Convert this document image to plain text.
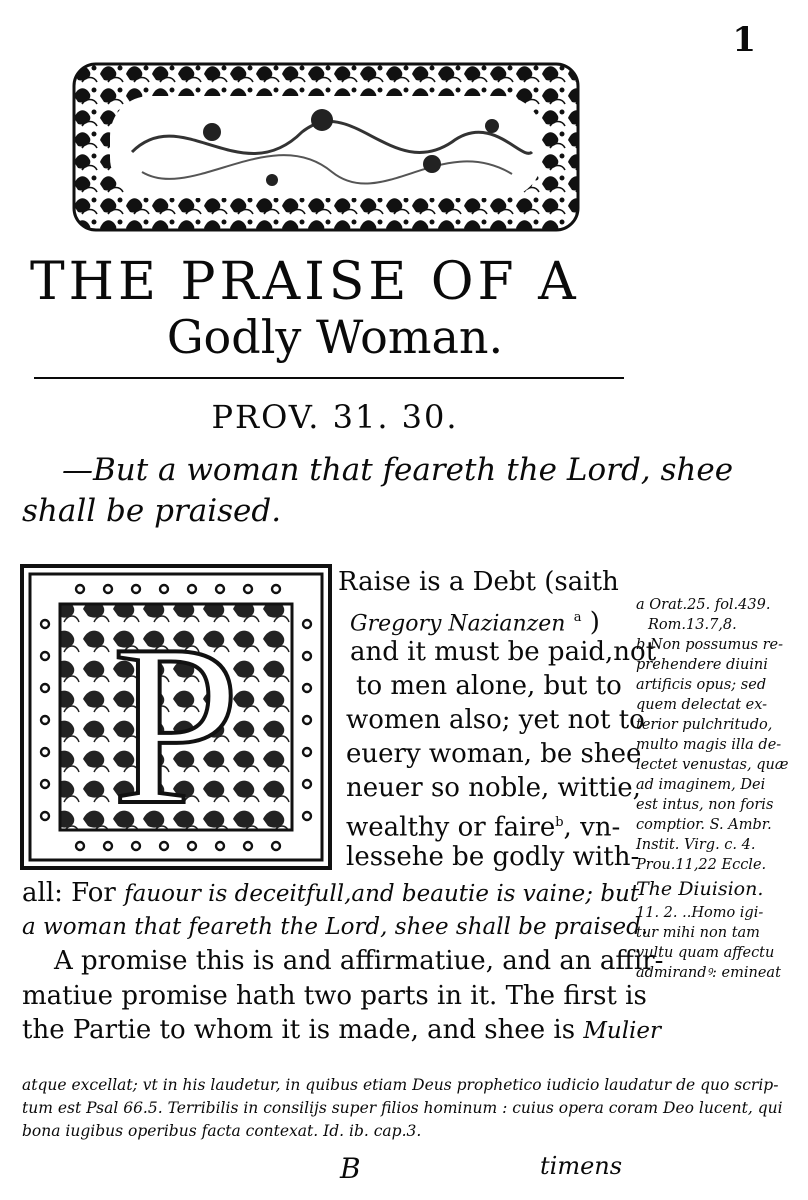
1
THE PRAISE OF A
Godly Woman.
PROV. 31. 30.
—But a woman that feareth the Lord, shee
shall be praised.
P
Raise is a Debt (saith
Gregory Nazianzen $^a$ )
and it must be paid,not
to men alone, but to
women also; yet not to
euery woman, be shee
neuer so noble, wittie,
wealthy or faire$^b$, vn-
lessehe be godly with-
all: For fauour is deceitfull,and beautie is vaine; but
a woman that feareth the Lord, shee shall be praised.
A promise this is and affirmatiue, and an affir-
matiue promise hath two parts in it. The first is
the Partie to whom it is made, and shee is Mulier
a Orat.25. fol.439.
Rom.13.7,8.
b Non possumus re-
prehendere diuini
artificis opus; sed
quem delectat ex-
terior pulchritudo,
multo magis illa de-
lectet venustas, quæ
ad imaginem, Dei
est intus, non foris
comptior. S. Ambr.
Instit. Virg. c. 4.
Prou.11,22 Eccle.
The Diuision.
11. 2. ..Homo igi-
tur mihi non tam
vultu quam affectu
admirandꝰ: emineat
atque excellat; vt in his laudetur, in quibus etiam Deus prophetico iudicio laudatur de quo scrip-
tum est Psal 66.5. Terribilis in consilijs super filios hominum : cuius opera coram Deo lucent, qui
bona iugibus operibus facta contexat. Id. ib. cap.3.
B	timens
